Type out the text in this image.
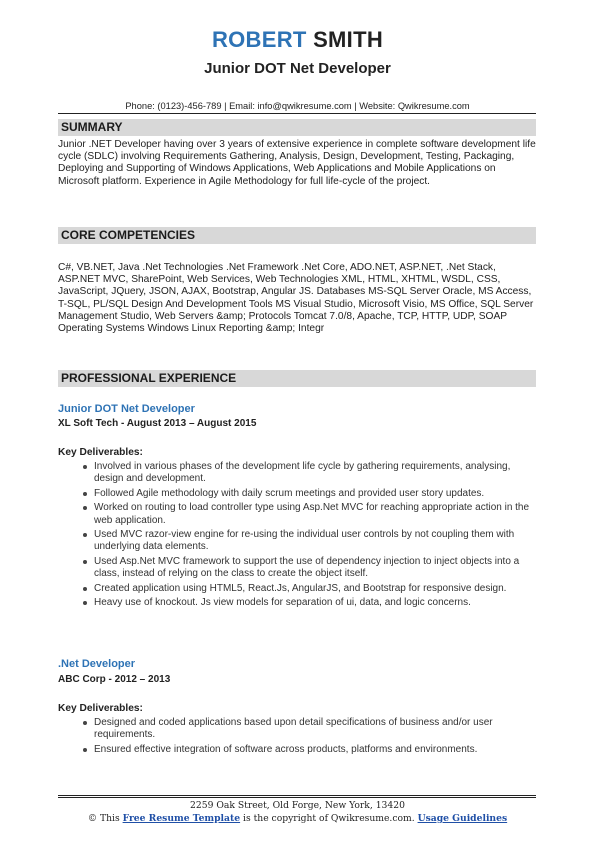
ROBERT SMITH
Junior DOT Net Developer
Phone: (0123)-456-789 | Email: info@qwikresume.com | Website: Qwikresume.com
SUMMARY

Junior .NET Developer having over 3 years of extensive experience in complete software development life cycle (SDLC) involving Requirements Gathering, Analysis, Design, Development, Testing, Packaging, Deploying and Supporting of Windows Applications, Web Applications and Mobile Applications on Microsoft platform. Experience in Agile Methodology for full life-cycle of the project.

CORE COMPETENCIES

C#, VB.NET, Java .Net Technologies .Net Framework .Net Core, ADO.NET, ASP.NET, .Net Stack, ASP.NET MVC, SharePoint, Web Services, Web Technologies XML, HTML, XHTML, WSDL, CSS, JavaScript, JQuery, JSON, AJAX, Bootstrap, Angular JS. Databases MS-SQL Server Oracle, MS Access, T-SQL, PL/SQL Design And Development Tools MS Visual Studio, Microsoft Visio, MS Office, SQL Server Management Studio, Web Servers &amp; Protocols Tomcat 7.0/8, Apache, TCP, HTTP, UDP, SOAP Operating Systems Windows Linux Reporting &amp; Integr

PROFESSIONAL EXPERIENCE
Junior DOT Net Developer
XL Soft Tech - August 2013 – August 2015
Key Deliverables:
Involved in various phases of the development life cycle by gathering requirements, analysing, design and development.
Followed Agile methodology with daily scrum meetings and provided user story updates.
Worked on routing to load controller type using Asp.Net MVC for reaching appropriate action in the web application.
Used MVC razor-view engine for re-using the individual user controls by not coupling them with underlying data elements.
Used Asp.Net MVC framework to support the use of dependency injection to inject objects into a class, instead of relying on the class to create the object itself.
Created application using HTML5, React.Js, AngularJS, and Bootstrap for responsive design.
Heavy use of knockout. Js view models for separation of ui, data, and logic concerns.
.Net Developer
ABC Corp - 2012 – 2013
Key Deliverables:
Designed and coded applications based upon detail specifications of business and/or user requirements.
Ensured effective integration of software across products, platforms and environments.
2259 Oak Street, Old Forge, New York, 13420
© This Free Resume Template is the copyright of Qwikresume.com. Usage Guidelines
